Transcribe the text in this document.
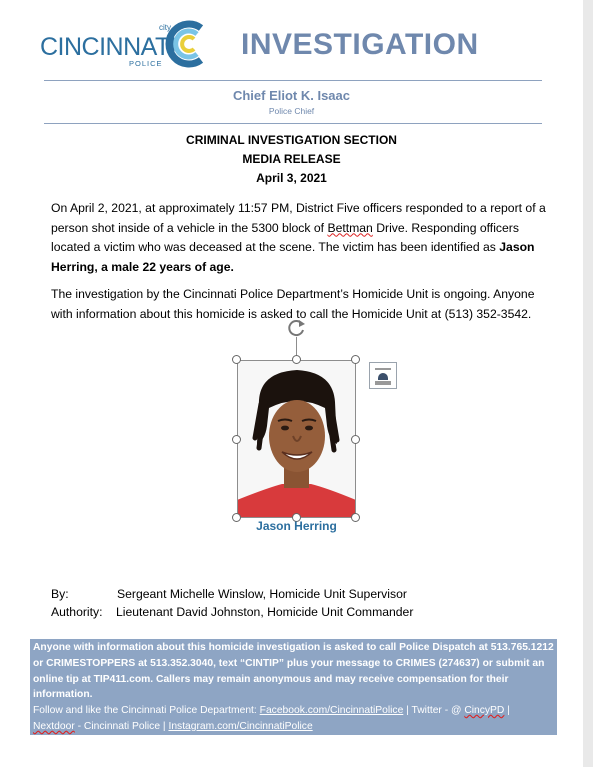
city of
CINCINNATI
POLICE
INVESTIGATION
Chief Eliot K. Isaac
Police Chief
CRIMINAL INVESTIGATION SECTION
MEDIA RELEASE
April 3, 2021
On April 2, 2021, at approximately 11:57 PM, District Five officers responded to a report of a person shot inside of a vehicle in the 5300 block of Bettman Drive. Responding officers located a victim who was deceased at the scene. The victim has been identified as Jason Herring, a male 22 years of age.
The investigation by the Cincinnati Police Department’s Homicide Unit is ongoing. Anyone with information about this homicide is asked to call the Homicide Unit at (513) 352-3542.
Jason Herring
By:	Sergeant Michelle Winslow, Homicide Unit Supervisor
Authority: Lieutenant David Johnston, Homicide Unit Commander
Anyone with information about this homicide investigation is asked to call Police Dispatch at 513.765.1212 or CRIMESTOPPERS at 513.352.3040, text “CINTIP” plus your message to CRIMES (274637) or submit an online tip at TIP411.com. Callers may remain anonymous and may receive compensation for their information.
Follow and like the Cincinnati Police Department: Facebook.com/CincinnatiPolice | Twitter - @ CincyPD | Nextdoor - Cincinnati Police | Instagram.com/CincinnatiPolice
